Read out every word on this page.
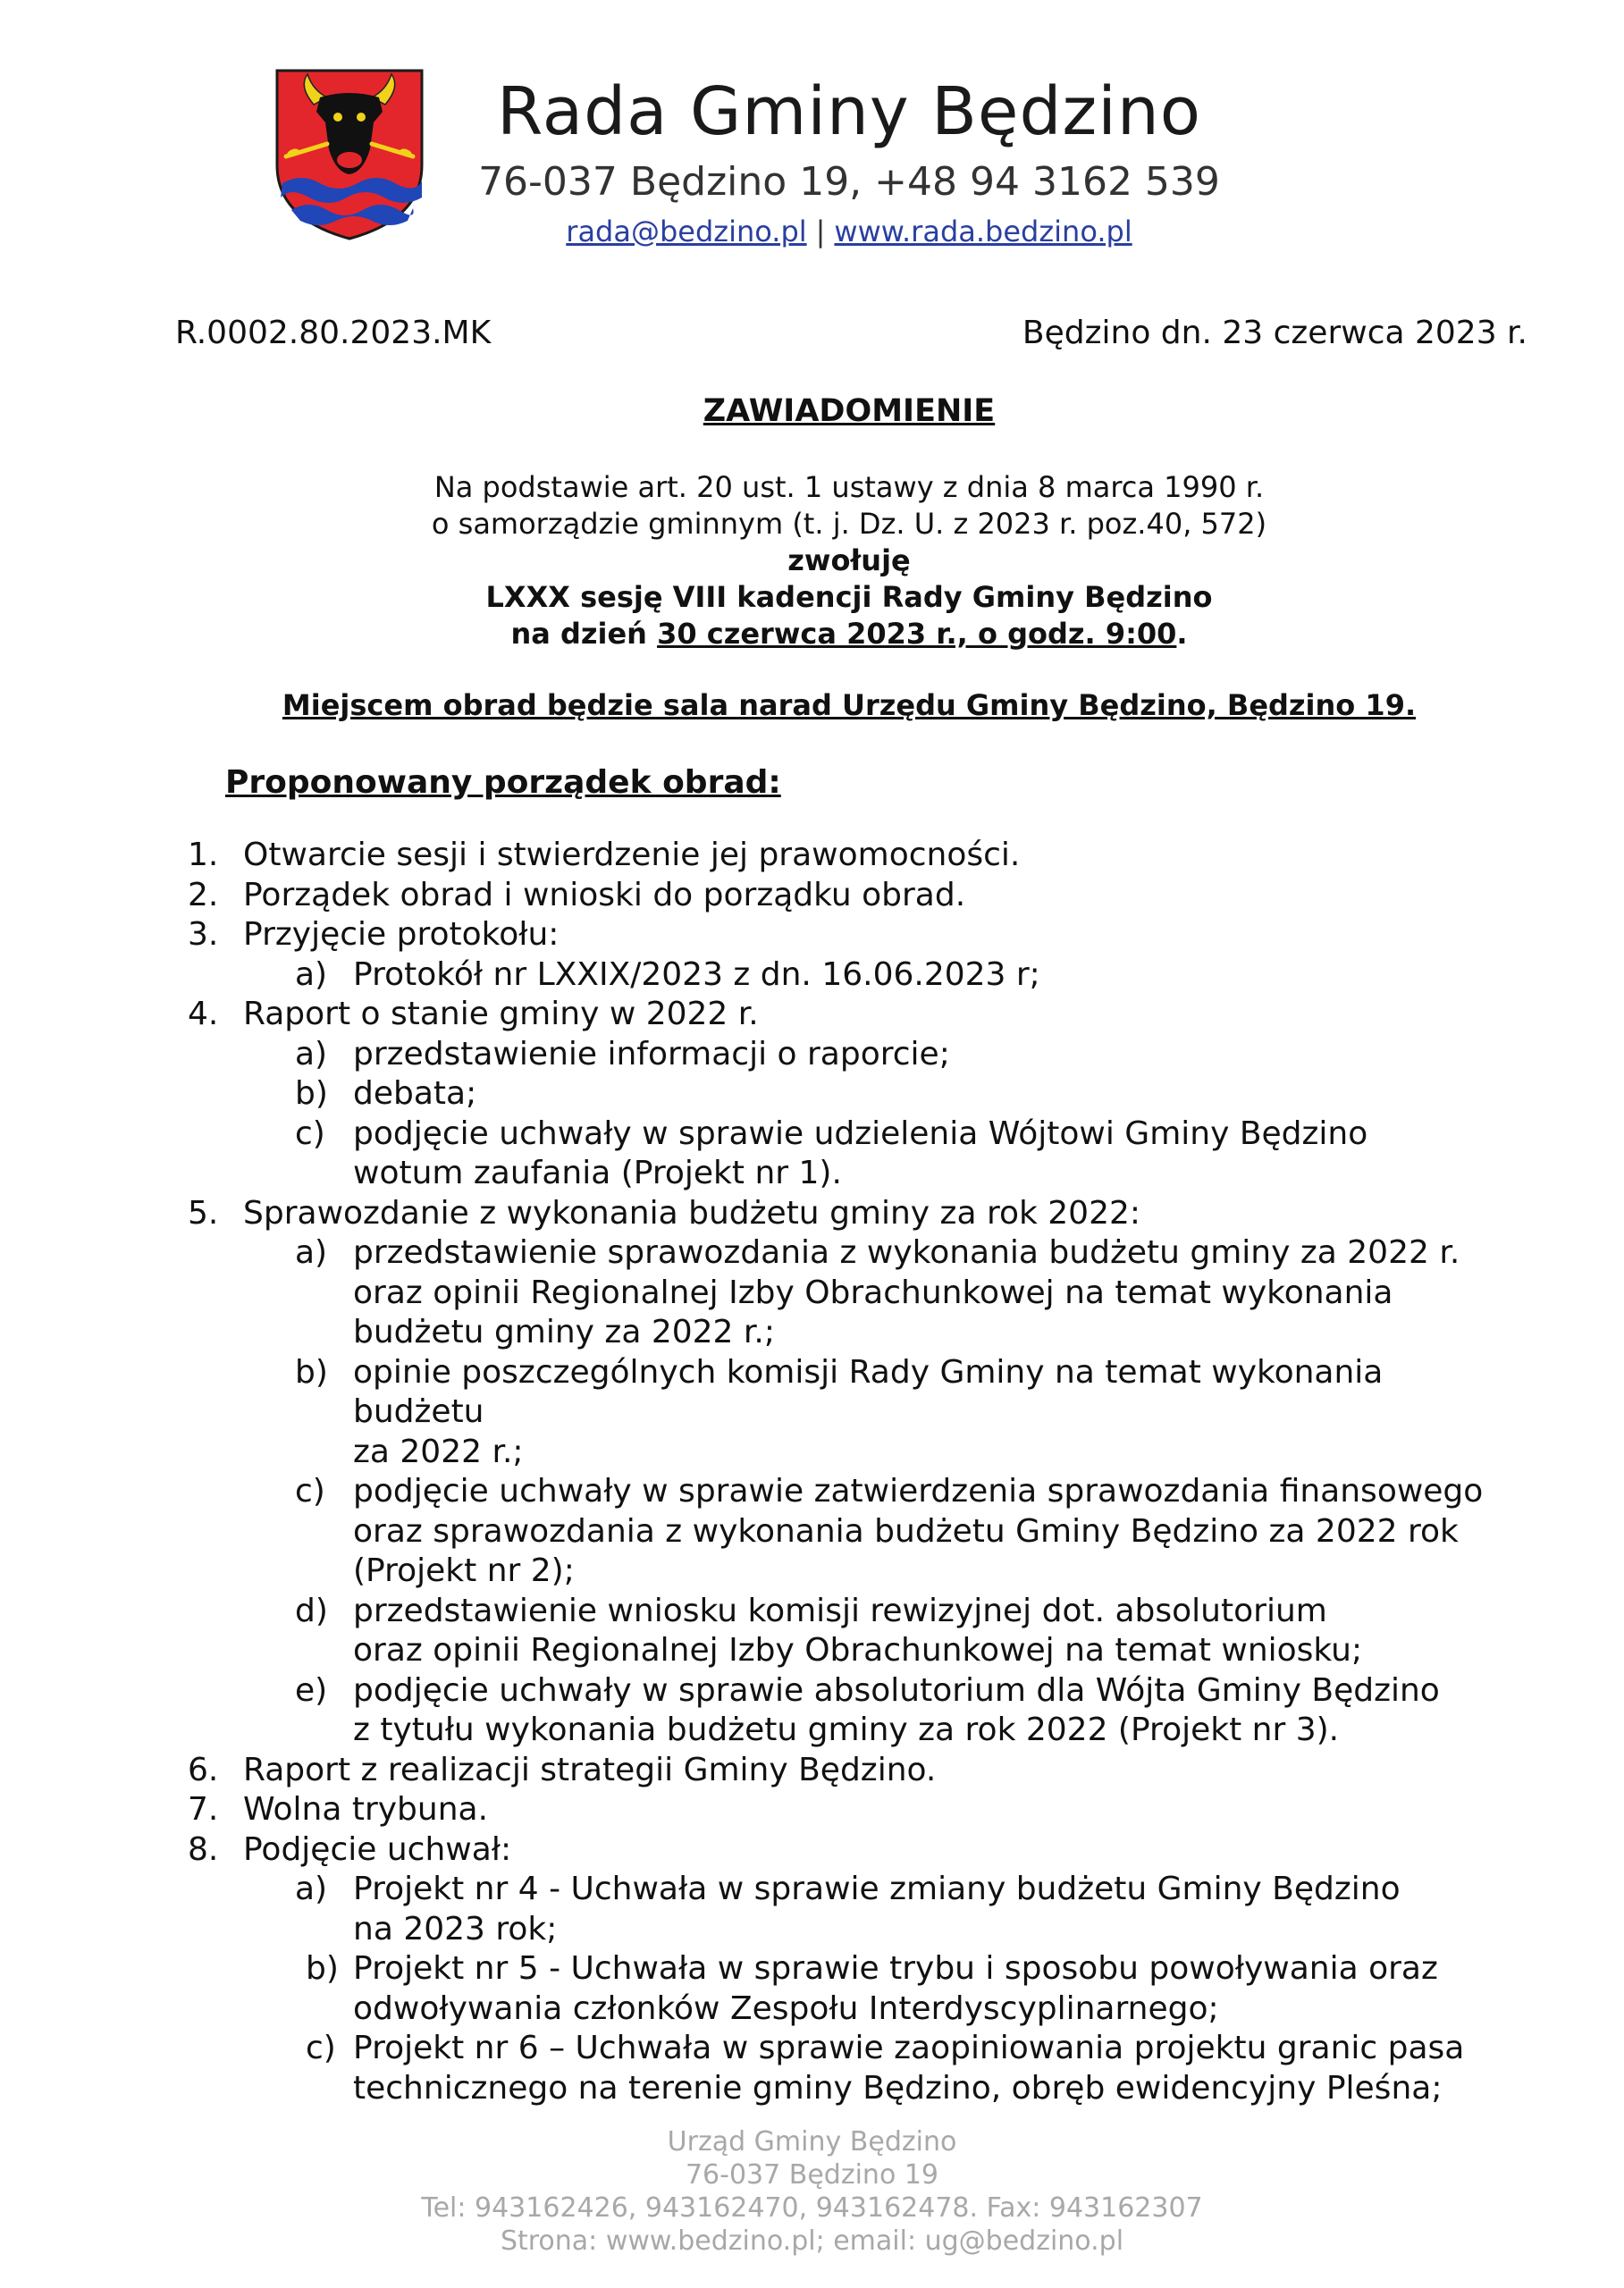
Rada Gminy Będzino
76-037 Będzino 19, +48 94 3162 539
rada@bedzino.pl | www.rada.bedzino.pl
R.0002.80.2023.MK	Będzino dn. 23 czerwca 2023 r.
ZAWIADOMIENIE
Na podstawie art. 20 ust. 1 ustawy z dnia 8 marca 1990 r.
o samorządzie gminnym (t. j. Dz. U. z 2023 r. poz.40, 572)
zwołuję
LXXX sesję VIII kadencji Rady Gminy Będzino
na dzień 30 czerwca 2023 r., o godz. 9:00.
Miejscem obrad będzie sala narad Urzędu Gminy Będzino, Będzino 19.
Proponowany porządek obrad:
1. Otwarcie sesji i stwierdzenie jej prawomocności.
2. Porządek obrad i wnioski do porządku obrad.
3. Przyjęcie protokołu:
a) Protokół nr LXXIX/2023 z dn. 16.06.2023 r;
4. Raport o stanie gminy w 2022 r.
a) przedstawienie informacji o raporcie;
b) debata;
c) podjęcie uchwały w sprawie udzielenia Wójtowi Gminy Będzino
wotum zaufania (Projekt nr 1).
5. Sprawozdanie z wykonania budżetu gminy za rok 2022:
a) przedstawienie sprawozdania z wykonania budżetu gminy za 2022 r.
oraz opinii Regionalnej Izby Obrachunkowej na temat wykonania
budżetu gminy za 2022 r.;
b) opinie poszczególnych komisji Rady Gminy na temat wykonania budżetu
za 2022 r.;
c) podjęcie uchwały w sprawie zatwierdzenia sprawozdania finansowego
oraz sprawozdania z wykonania budżetu Gminy Będzino za 2022 rok
(Projekt nr 2);
d) przedstawienie wniosku komisji rewizyjnej dot. absolutorium
oraz opinii Regionalnej Izby Obrachunkowej na temat wniosku;
e) podjęcie uchwały w sprawie absolutorium dla Wójta Gminy Będzino
z tytułu wykonania budżetu gminy za rok 2022 (Projekt nr 3).
6. Raport z realizacji strategii Gminy Będzino.
7. Wolna trybuna.
8. Podjęcie uchwał:
a) Projekt nr 4 - Uchwała w sprawie zmiany budżetu Gminy Będzino
na 2023 rok;
b) Projekt nr 5 - Uchwała w sprawie trybu i sposobu powoływania oraz
odwoływania członków Zespołu Interdyscyplinarnego;
c) Projekt nr 6 – Uchwała w sprawie zaopiniowania projektu granic pasa
technicznego na terenie gminy Będzino, obręb ewidencyjny Pleśna;
Urząd Gminy Będzino
76-037 Będzino 19
Tel: 943162426, 943162470, 943162478. Fax: 943162307
Strona: www.bedzino.pl; email: ug@bedzino.pl
